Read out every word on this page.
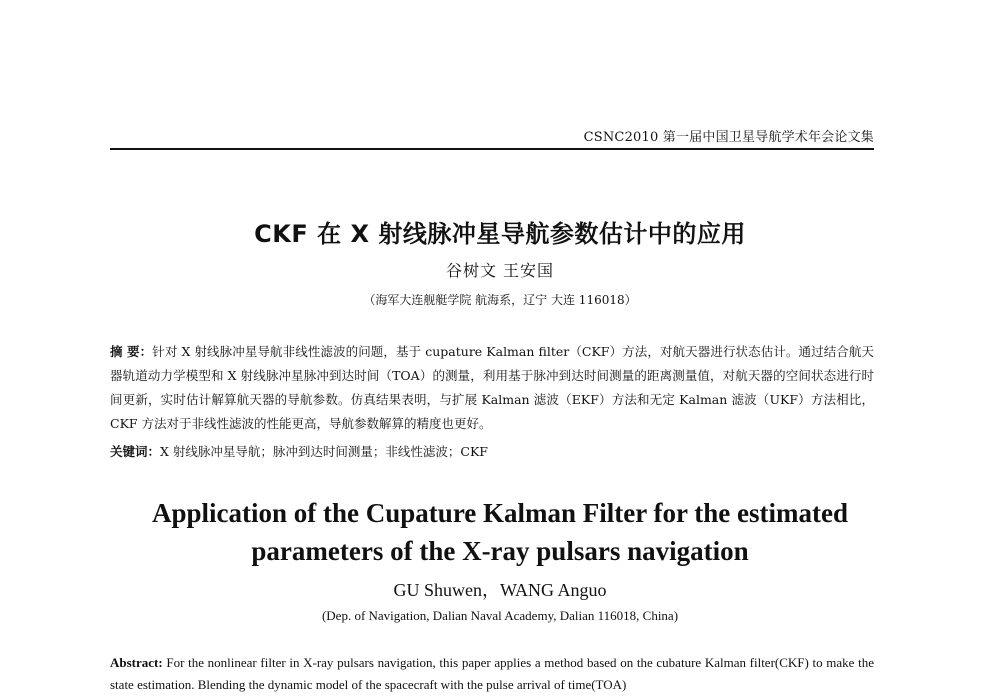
CSNC2010 第一届中国卫星导航学术年会论文集
CKF 在 X 射线脉冲星导航参数估计中的应用
谷树文 王安国
（海军大连舰艇学院 航海系，辽宁 大连 116018）
摘 要：针对 X 射线脉冲星导航非线性滤波的问题，基于 cupature Kalman filter（CKF）方法，对航天器进行状态估计。通过结合航天器轨道动力学模型和 X 射线脉冲星脉冲到达时间（TOA）的测量，利用基于脉冲到达时间测量的距离测量值，对航天器的空间状态进行时间更新，实时估计解算航天器的导航参数。仿真结果表明，与扩展 Kalman 滤波（EKF）方法和无定 Kalman 滤波（UKF）方法相比， CKF 方法对于非线性滤波的性能更高，导航参数解算的精度也更好。
关键词：X 射线脉冲星导航；脉冲到达时间测量；非线性滤波；CKF
Application of the Cupature Kalman Filter for the estimated
parameters of the X-ray pulsars navigation
GU Shuwen，WANG Anguo
(Dep. of Navigation, Dalian Naval Academy, Dalian 116018, China)
Abstract: For the nonlinear filter in X-ray pulsars navigation, this paper applies a method based on the cubature Kalman filter(CKF) to make the state estimation. Blending the dynamic model of the spacecraft with the pulse arrival of time(TOA)
